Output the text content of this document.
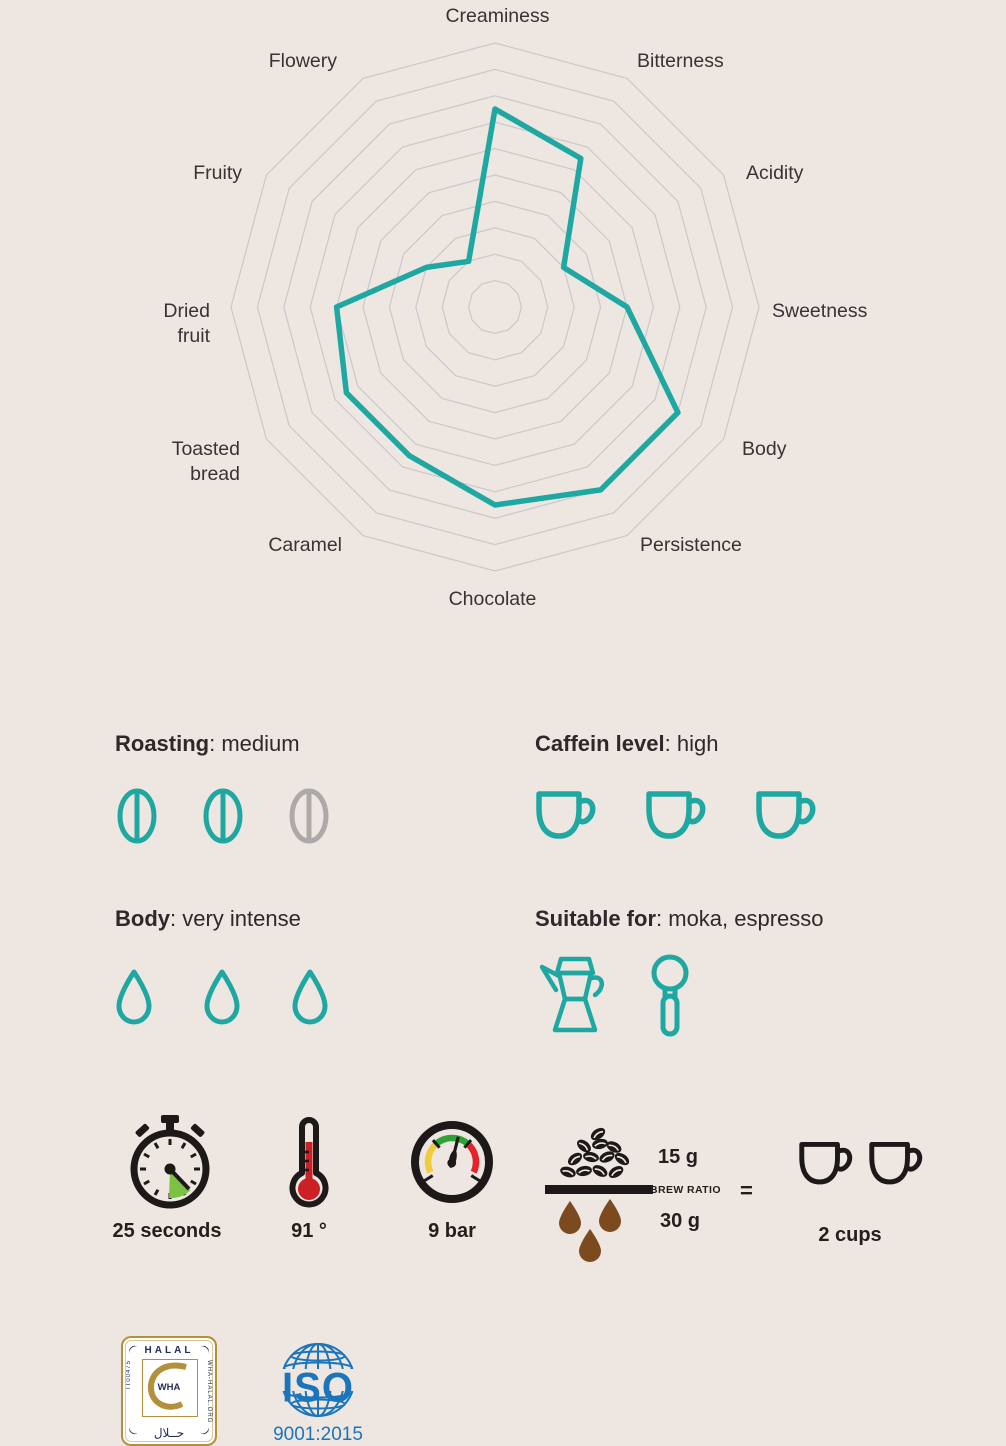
Creaminess
Bitterness
Acidity
Sweetness
Body
Persistence
Chocolate
Caramel
Toasted bread
Dried fruit
Fruity
Flowery
Roasting: medium	Caffein level: high
Body: very intense	Suitable for: moka, espresso
25 seconds	91 °	9 bar
15 g
BREW RATIO
30 g
=
2 cups
HALAL
IT00475	WHA-HALAL.ORG
WHA
حــلال
ISO
9001:2015
